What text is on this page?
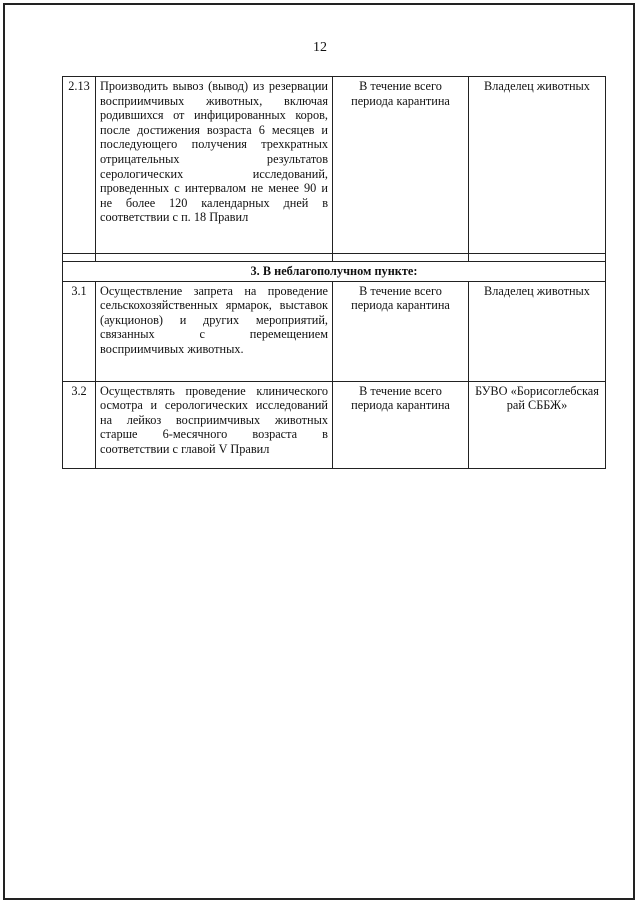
12
2.13	Производить вывоз (вывод) из резервации восприимчивых животных, включая родившихся от инфицированных коров, после достижения возраста 6 месяцев и последующего получения трехкратных отрицательных результатов серологических исследований, проведенных с интервалом не менее 90 и не более 120 календарных дней в соответствии с п. 18 Правил	В течение всего периода карантина	Владелец животных

3. В неблагополучном пункте:			
3.1	Осуществление запрета на проведение сельскохозяйственных ярмарок, выставок (аукционов) и других мероприятий, связанных с перемещением восприимчивых животных.	В течение всего периода карантина	Владелец животных
3.2	Осуществлять проведение клинического осмотра и серологических исследований на лейкоз восприимчивых животных старше 6-месячного возраста в соответствии с главой V Правил	В течение всего периода карантина	БУВО «Борисоглебская рай СББЖ»
